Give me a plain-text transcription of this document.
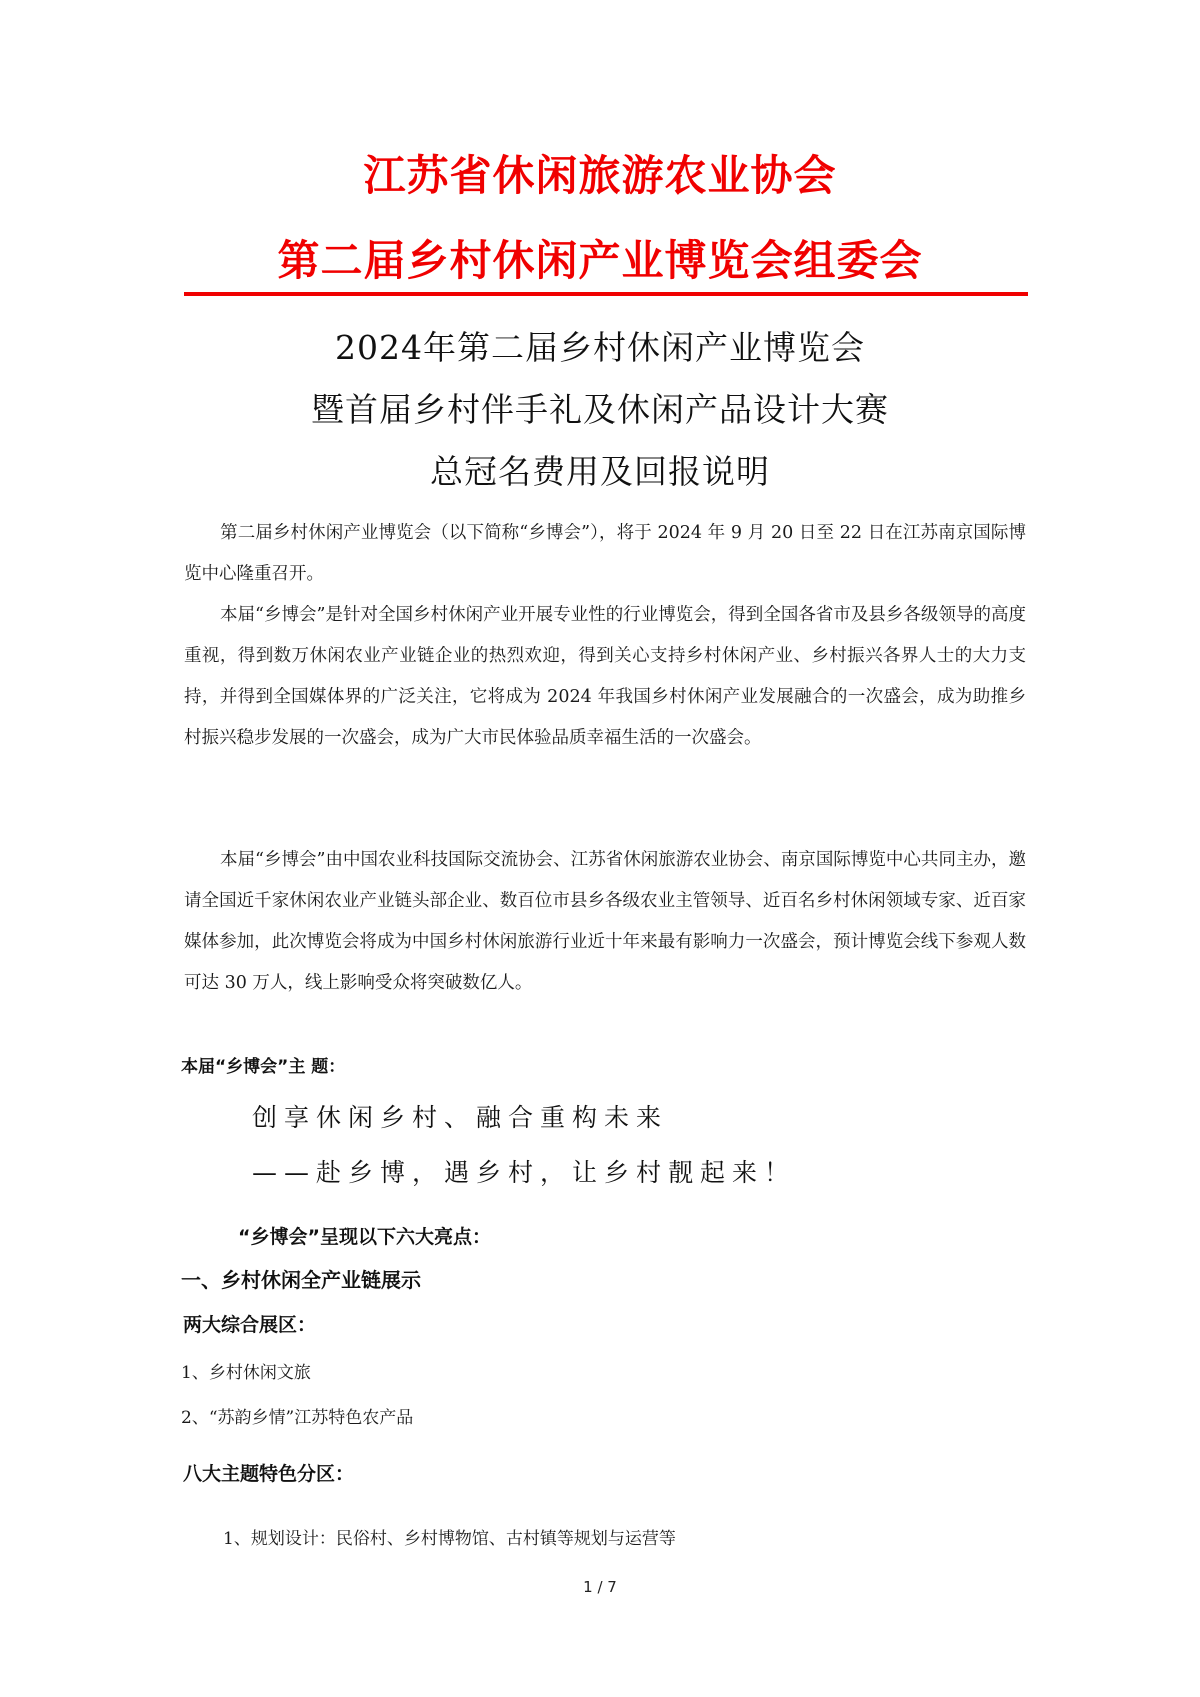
江苏省休闲旅游农业协会
第二届乡村休闲产业博览会组委会
2024年第二届乡村休闲产业博览会
暨首届乡村伴手礼及休闲产品设计大赛
总冠名费用及回报说明
第二届乡村休闲产业博览会（以下简称“乡博会”），将于 2024 年 9 月 20 日至 22 日在江苏南京国际博览中心隆重召开。
本届“乡博会”是针对全国乡村休闲产业开展专业性的行业博览会，得到全国各省市及县乡各级领导的高度重视，得到数万休闲农业产业链企业的热烈欢迎，得到关心支持乡村休闲产业、乡村振兴各界人士的大力支持，并得到全国媒体界的广泛关注，它将成为 2024 年我国乡村休闲产业发展融合的一次盛会，成为助推乡村振兴稳步发展的一次盛会，成为广大市民体验品质幸福生活的一次盛会。
本届“乡博会”由中国农业科技国际交流协会、江苏省休闲旅游农业协会、南京国际博览中心共同主办，邀请全国近千家休闲农业产业链头部企业、数百位市县乡各级农业主管领导、近百名乡村休闲领域专家、近百家媒体参加，此次博览会将成为中国乡村休闲旅游行业近十年来最有影响力一次盛会，预计博览会线下参观人数可达 30 万人，线上影响受众将突破数亿人。
本届“乡博会”主 题：
创享休闲乡村、融合重构未来
——赴乡博，遇乡村，让乡村靓起来！
“乡博会”呈现以下六大亮点：
一、乡村休闲全产业链展示
两大综合展区：
1、乡村休闲文旅
2、“苏韵乡情”江苏特色农产品
八大主题特色分区：
1、规划设计：民俗村、乡村博物馆、古村镇等规划与运营等
1 / 7
